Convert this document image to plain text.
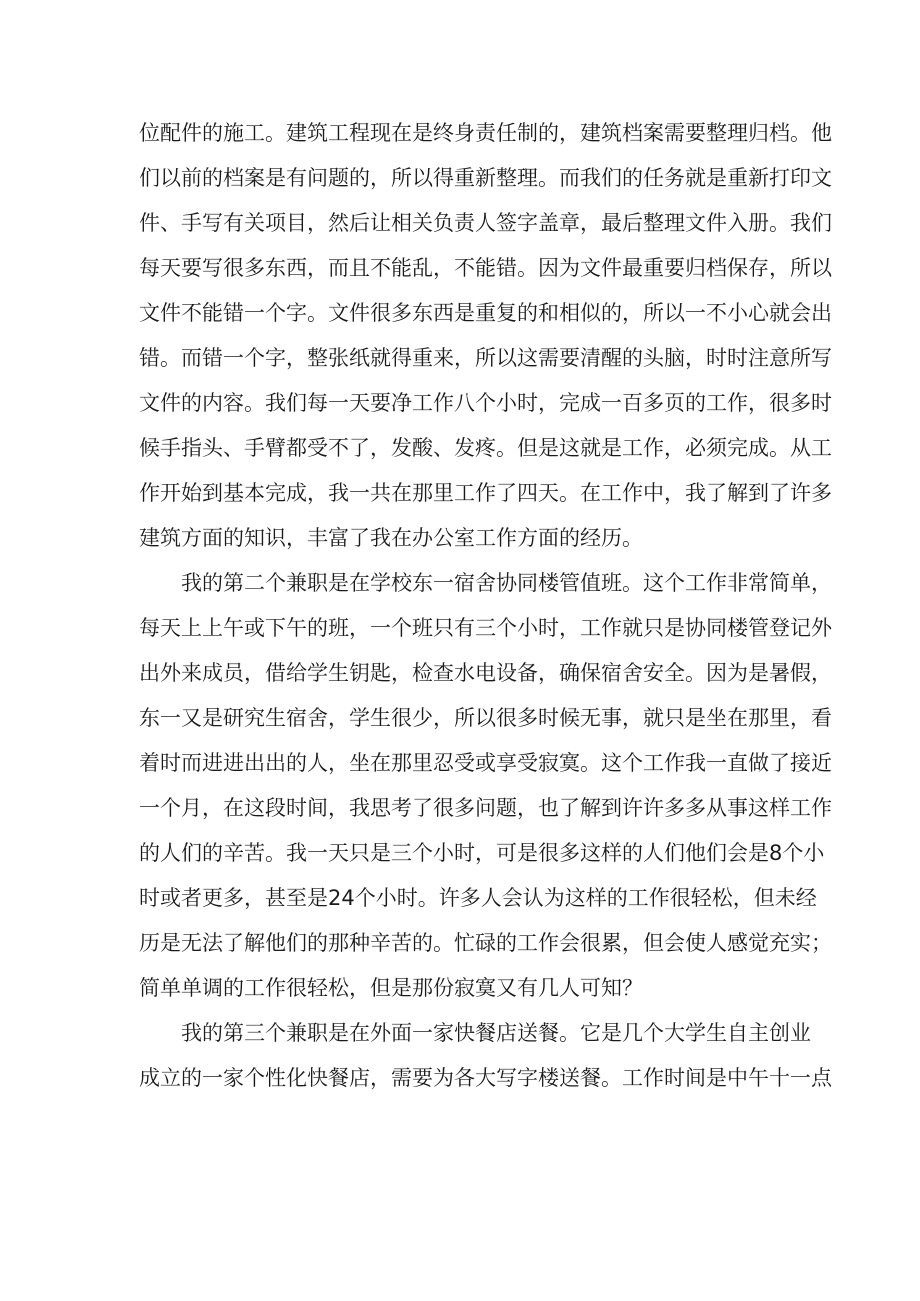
位配件的施工。建筑工程现在是终身责任制的，建筑档案需要整理归档。他
们以前的档案是有问题的，所以得重新整理。而我们的任务就是重新打印文
件、手写有关项目，然后让相关负责人签字盖章，最后整理文件入册。我们
每天要写很多东西，而且不能乱，不能错。因为文件最重要归档保存，所以
文件不能错一个字。文件很多东西是重复的和相似的，所以一不小心就会出
错。而错一个字，整张纸就得重来，所以这需要清醒的头脑，时时注意所写
文件的内容。我们每一天要净工作八个小时，完成一百多页的工作，很多时
候手指头、手臂都受不了，发酸、发疼。但是这就是工作，必须完成。从工
作开始到基本完成，我一共在那里工作了四天。在工作中，我了解到了许多
建筑方面的知识，丰富了我在办公室工作方面的经历。

我的第二个兼职是在学校东一宿舍协同楼管值班。这个工作非常简单，
每天上上午或下午的班，一个班只有三个小时，工作就只是协同楼管登记外
出外来成员，借给学生钥匙，检查水电设备，确保宿舍安全。因为是暑假，
东一又是研究生宿舍，学生很少，所以很多时候无事，就只是坐在那里，看
着时而进进出出的人，坐在那里忍受或享受寂寞。这个工作我一直做了接近
一个月，在这段时间，我思考了很多问题，也了解到许许多多从事这样工作
的人们的辛苦。我一天只是三个小时，可是很多这样的人们他们会是8个小
时或者更多，甚至是24个小时。许多人会认为这样的工作很轻松，但未经
历是无法了解他们的那种辛苦的。忙碌的工作会很累，但会使人感觉充实；
简单单调的工作很轻松，但是那份寂寞又有几人可知？

我的第三个兼职是在外面一家快餐店送餐。它是几个大学生自主创业
成立的一家个性化快餐店，需要为各大写字楼送餐。工作时间是中午十一点
